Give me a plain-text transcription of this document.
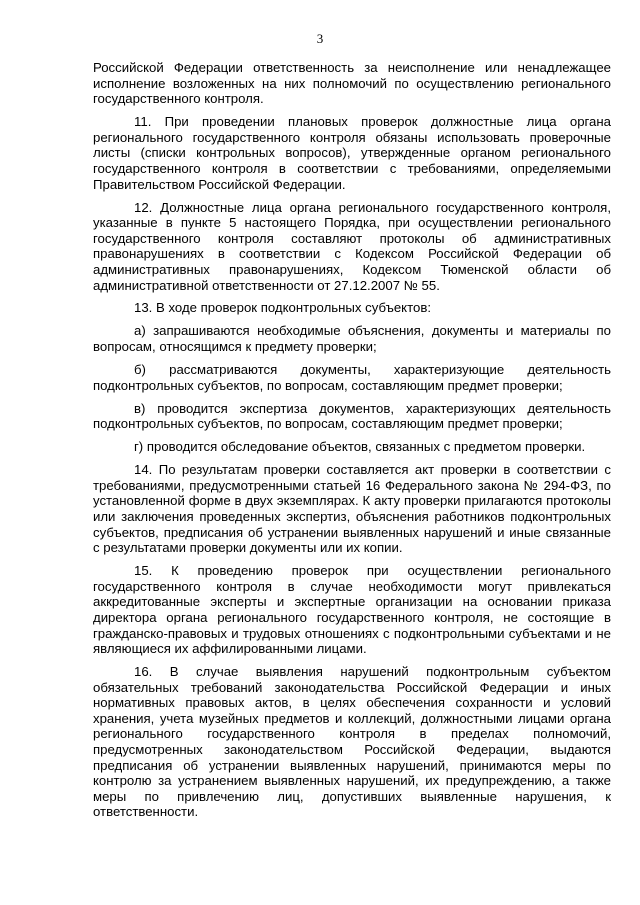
3

Российской Федерации ответственность за неисполнение или ненадлежащее исполнение возложенных на них полномочий по осуществлению регионального государственного контроля.

11. При проведении плановых проверок должностные лица органа регионального государственного контроля обязаны использовать проверочные листы (списки контрольных вопросов), утвержденные органом регионального государственного контроля в соответствии с требованиями, определяемыми Правительством Российской Федерации.

12. Должностные лица органа регионального государственного контроля, указанные в пункте 5 настоящего Порядка, при осуществлении регионального государственного контроля составляют протоколы об административных правонарушениях в соответствии с Кодексом Российской Федерации об административных правонарушениях, Кодексом Тюменской области об административной ответственности от 27.12.2007 № 55.

13. В ходе проверок подконтрольных субъектов:

а) запрашиваются необходимые объяснения, документы и материалы по вопросам, относящимся к предмету проверки;

б) рассматриваются документы, характеризующие деятельность подконтрольных субъектов, по вопросам, составляющим предмет проверки;

в) проводится экспертиза документов, характеризующих деятельность подконтрольных субъектов, по вопросам, составляющим предмет проверки;

г) проводится обследование объектов, связанных с предметом проверки.

14. По результатам проверки составляется акт проверки в соответствии с требованиями, предусмотренными статьей 16 Федерального закона № 294-ФЗ, по установленной форме в двух экземплярах. К акту проверки прилагаются протоколы или заключения проведенных экспертиз, объяснения работников подконтрольных субъектов, предписания об устранении выявленных нарушений и иные связанные с результатами проверки документы или их копии.

15. К проведению проверок при осуществлении регионального государственного контроля в случае необходимости могут привлекаться аккредитованные эксперты и экспертные организации на основании приказа директора органа регионального государственного контроля, не состоящие в гражданско-правовых и трудовых отношениях с подконтрольными субъектами и не являющиеся их аффилированными лицами.

16. В случае выявления нарушений подконтрольным субъектом обязательных требований законодательства Российской Федерации и иных нормативных правовых актов, в целях обеспечения сохранности и условий хранения, учета музейных предметов и коллекций, должностными лицами органа регионального государственного контроля в пределах полномочий, предусмотренных законодательством Российской Федерации, выдаются предписания об устранении выявленных нарушений, принимаются меры по контролю за устранением выявленных нарушений, их предупреждению, а также меры по привлечению лиц, допустивших выявленные нарушения, к ответственности.
